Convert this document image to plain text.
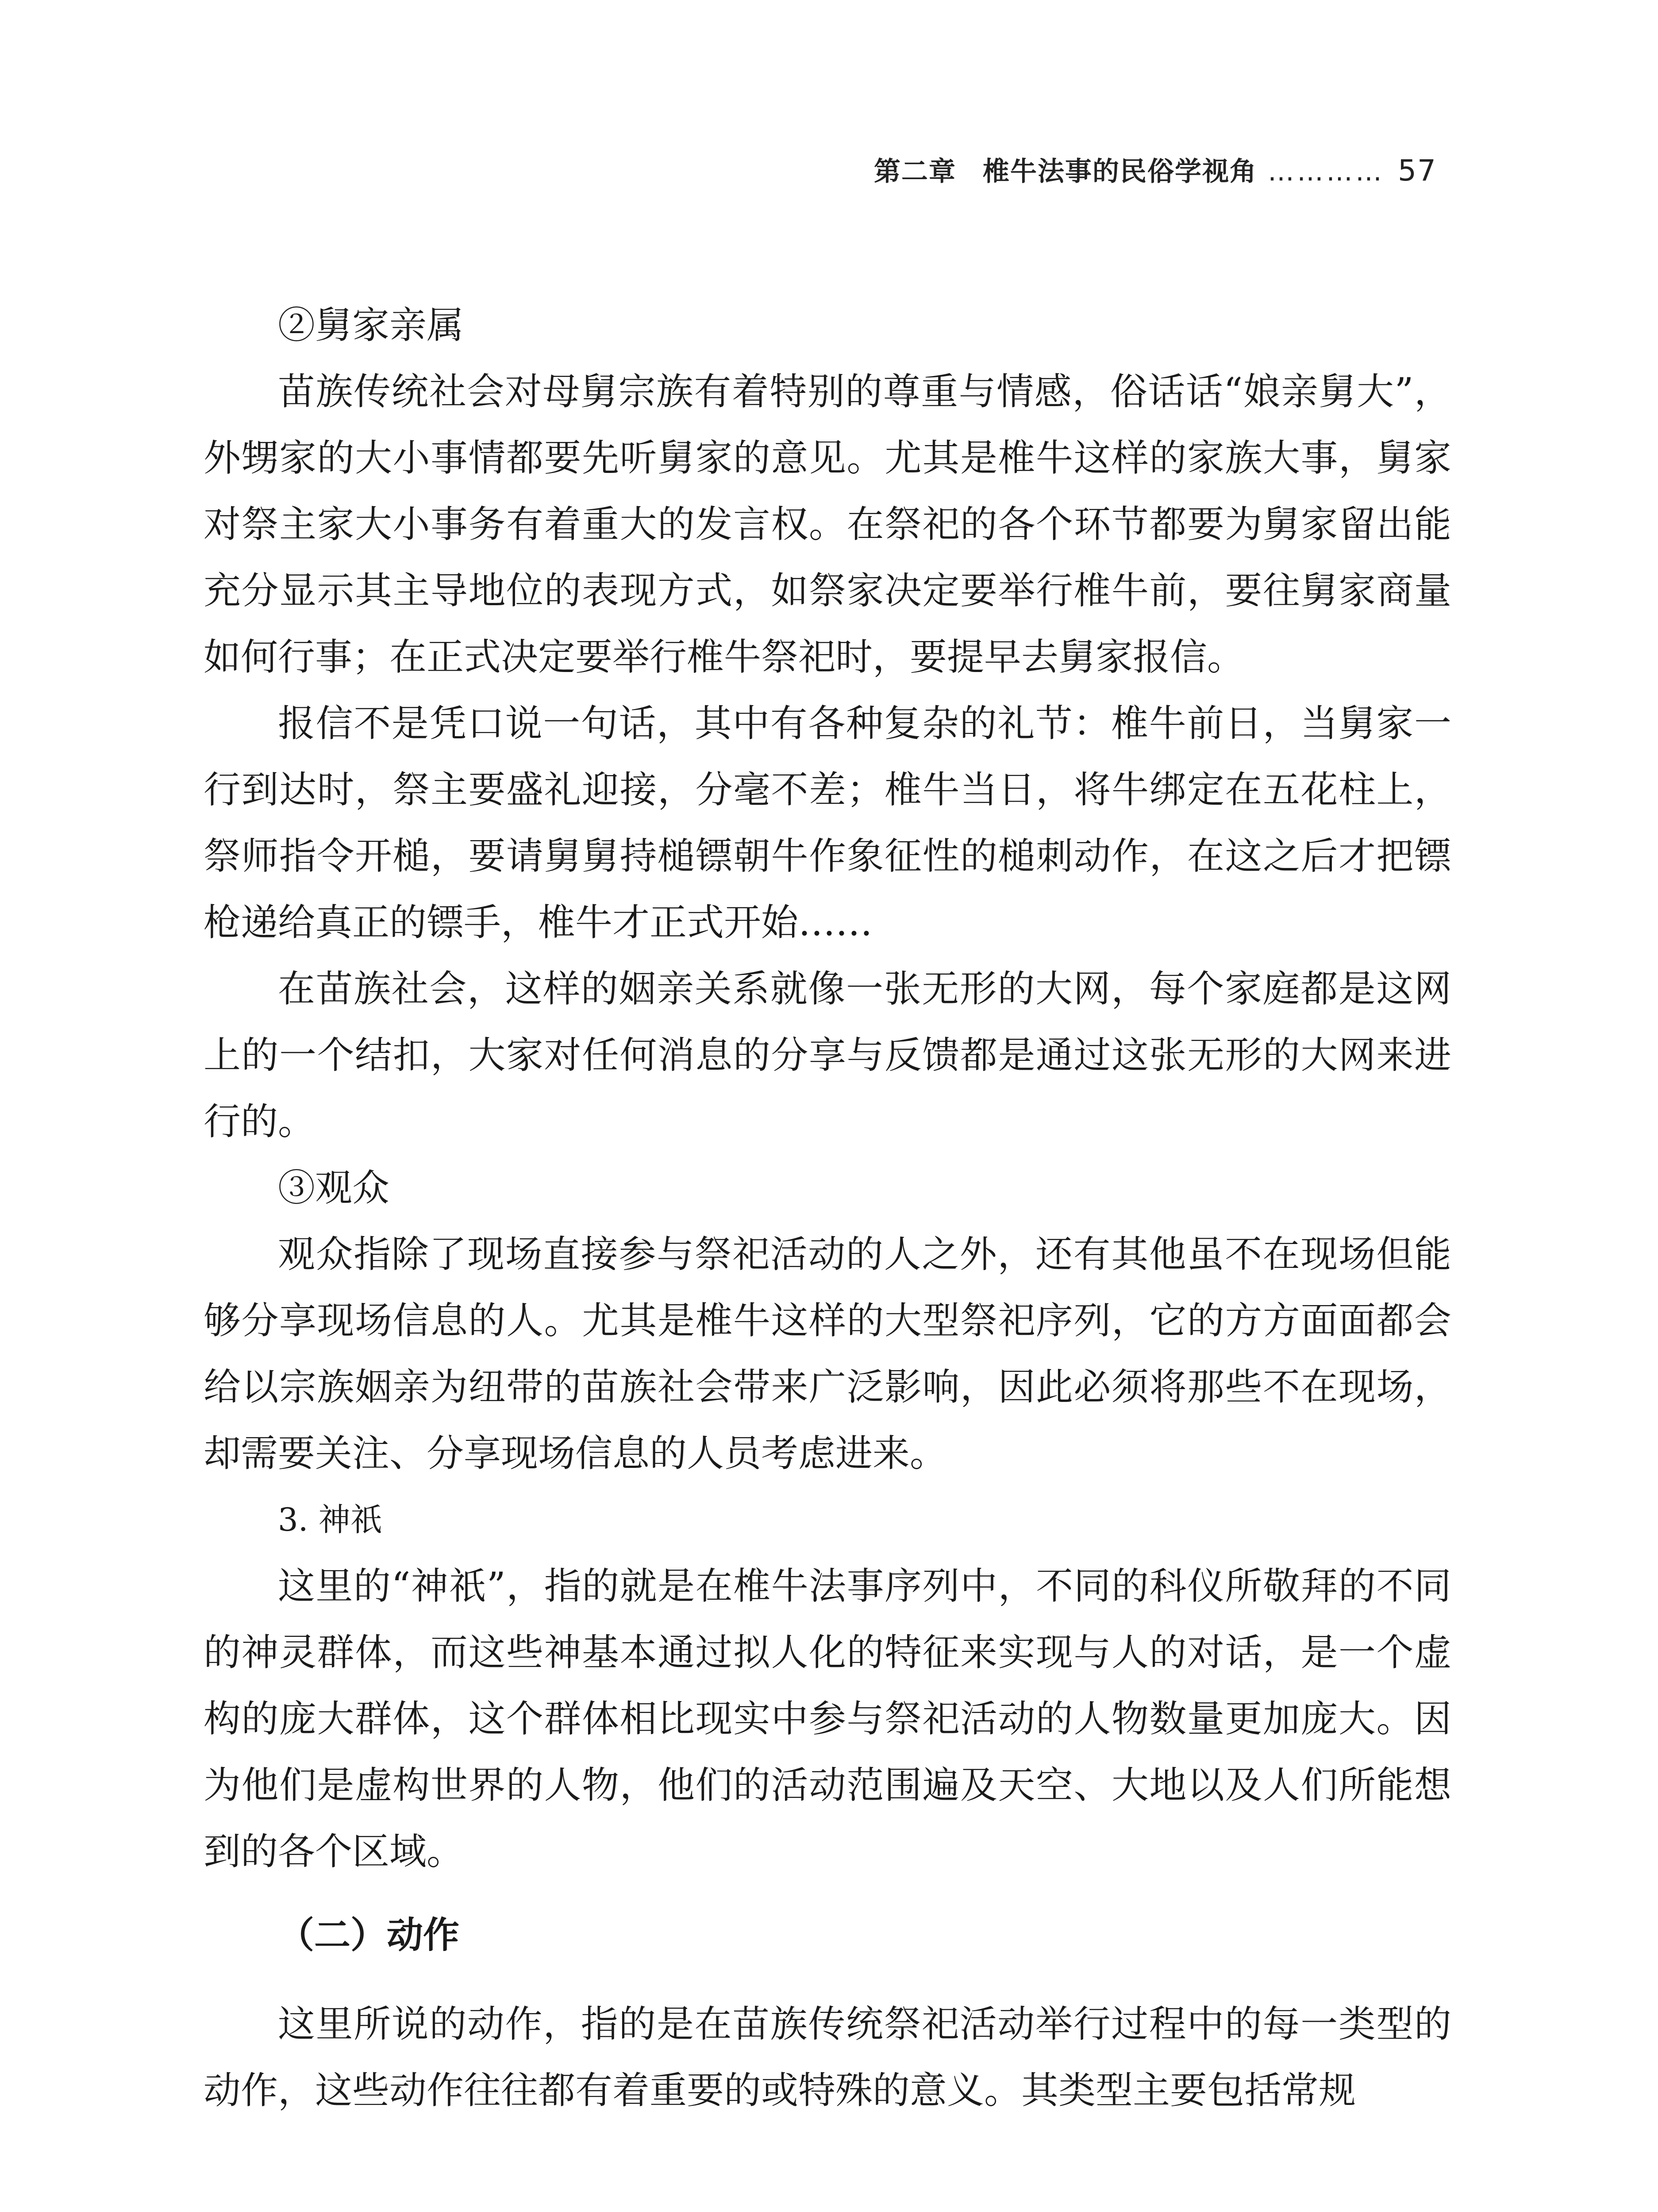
第二章 椎牛法事的民俗学视角 ………… 57

②舅家亲属

苗族传统社会对母舅宗族有着特别的尊重与情感，俗话话“娘亲舅大”，外甥家的大小事情都要先听舅家的意见。尤其是椎牛这样的家族大事，舅家对祭主家大小事务有着重大的发言权。在祭祀的各个环节都要为舅家留出能充分显示其主导地位的表现方式，如祭家决定要举行椎牛前，要往舅家商量如何行事；在正式决定要举行椎牛祭祀时，要提早去舅家报信。

报信不是凭口说一句话，其中有各种复杂的礼节：椎牛前日，当舅家一行到达时，祭主要盛礼迎接，分毫不差；椎牛当日，将牛绑定在五花柱上，祭师指令开槌，要请舅舅持槌镖朝牛作象征性的槌刺动作，在这之后才把镖枪递给真正的镖手，椎牛才正式开始……

在苗族社会，这样的姻亲关系就像一张无形的大网，每个家庭都是这网上的一个结扣，大家对任何消息的分享与反馈都是通过这张无形的大网来进行的。

③观众

观众指除了现场直接参与祭祀活动的人之外，还有其他虽不在现场但能够分享现场信息的人。尤其是椎牛这样的大型祭祀序列，它的方方面面都会给以宗族姻亲为纽带的苗族社会带来广泛影响，因此必须将那些不在现场，却需要关注、分享现场信息的人员考虑进来。

3. 神祇

这里的“神祇”，指的就是在椎牛法事序列中，不同的科仪所敬拜的不同的神灵群体，而这些神基本通过拟人化的特征来实现与人的对话，是一个虚构的庞大群体，这个群体相比现实中参与祭祀活动的人物数量更加庞大。因为他们是虚构世界的人物，他们的活动范围遍及天空、大地以及人们所能想到的各个区域。

（二）动作

这里所说的动作，指的是在苗族传统祭祀活动举行过程中的每一类型的动作，这些动作往往都有着重要的或特殊的意义。其类型主要包括常规
